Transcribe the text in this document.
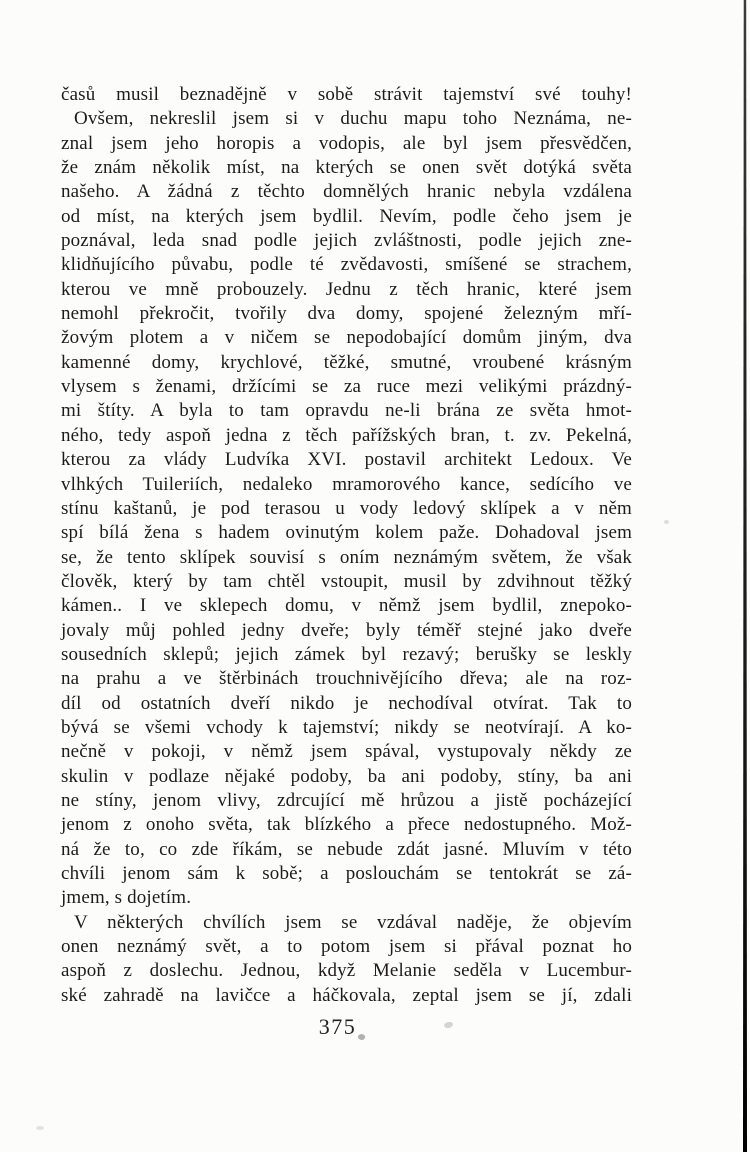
časů musil beznadějně v sobě strávit tajemství své touhy!
Ovšem, nekreslil jsem si v duchu mapu toho Neznáma, ne-
znal jsem jeho horopis a vodopis, ale byl jsem přesvědčen,
že znám několik míst, na kterých se onen svět dotýká světa
našeho. A žádná z těchto domnělých hranic nebyla vzdálena
od míst, na kterých jsem bydlil. Nevím, podle čeho jsem je
poznával, leda snad podle jejich zvláštnosti, podle jejich zne-
klidňujícího půvabu, podle té zvědavosti, smíšené se strachem,
kterou ve mně probouzely. Jednu z těch hranic, které jsem
nemohl překročit, tvořily dva domy, spojené železným mří-
žovým plotem a v ničem se nepodobající domům jiným, dva
kamenné domy, krychlové, těžké, smutné, vroubené krásným
vlysem s ženami, držícími se za ruce mezi velikými prázdný-
mi štíty. A byla to tam opravdu ne-li brána ze světa hmot-
ného, tedy aspoň jedna z těch pařížských bran, t. zv. Pekelná,
kterou za vlády Ludvíka XVI. postavil architekt Ledoux. Ve
vlhkých Tuileriích, nedaleko mramorového kance, sedícího ve
stínu kaštanů, je pod terasou u vody ledový sklípek a v něm
spí bílá žena s hadem ovinutým kolem paže. Dohadoval jsem
se, že tento sklípek souvisí s oním neznámým světem, že však
člověk, který by tam chtěl vstoupit, musil by zdvihnout těžký
kámen.. I ve sklepech domu, v němž jsem bydlil, znepoko-
jovaly můj pohled jedny dveře; byly téměř stejné jako dveře
sousedních sklepů; jejich zámek byl rezavý; berušky se leskly
na prahu a ve štěrbinách trouchnivějícího dřeva; ale na roz-
díl od ostatních dveří nikdo je nechodíval otvírat. Tak to
bývá se všemi vchody k tajemství; nikdy se neotvírají. A ko-
nečně v pokoji, v němž jsem spával, vystupovaly někdy ze
skulin v podlaze nějaké podoby, ba ani podoby, stíny, ba ani
ne stíny, jenom vlivy, zdrcující mě hrůzou a jistě pocházející
jenom z onoho světa, tak blízkého a přece nedostupného. Mož-
ná že to, co zde říkám, se nebude zdát jasné. Mluvím v této
chvíli jenom sám k sobě; a poslouchám se tentokrát se zá-
jmem, s dojetím.
V některých chvílích jsem se vzdával naděje, že objevím
onen neznámý svět, a to potom jsem si přával poznat ho
aspoň z doslechu. Jednou, když Melanie seděla v Lucembur-
ské zahradě na lavičce a háčkovala, zeptal jsem se jí, zdali
375
